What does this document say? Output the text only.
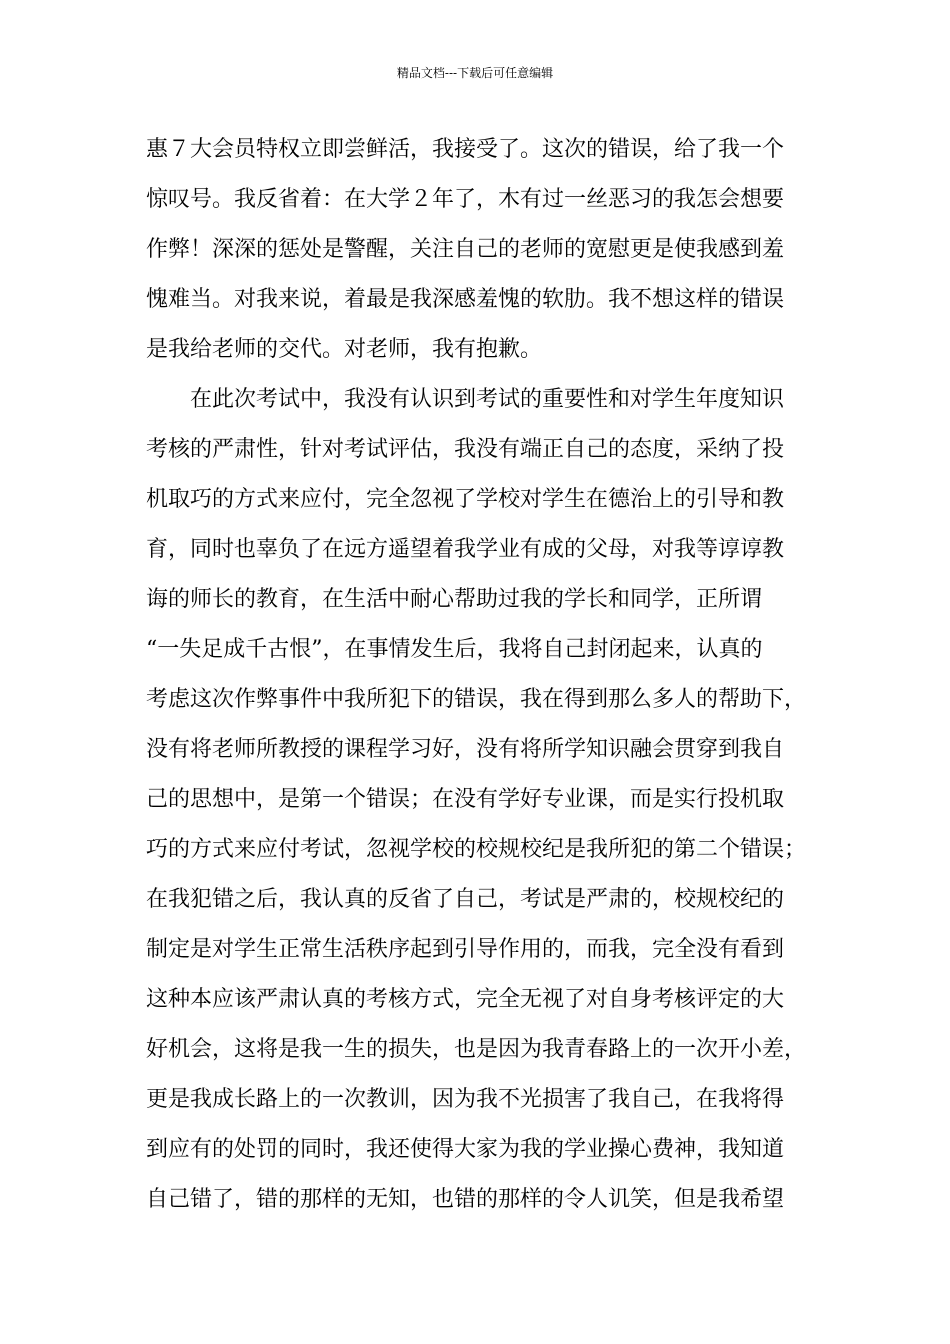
精品文档---下载后可任意编辑
惠７大会员特权立即尝鲜活，我接受了。这次的错误，给了我一个
惊叹号。我反省着：在大学２年了，木有过一丝恶习的我怎会想要
作弊！深深的惩处是警醒，关注自己的老师的宽慰更是使我感到羞
愧难当。对我来说，着最是我深感羞愧的软肋。我不想这样的错误
是我给老师的交代。对老师，我有抱歉。
在此次考试中，我没有认识到考试的重要性和对学生年度知识
考核的严肃性，针对考试评估，我没有端正自己的态度，采纳了投
机取巧的方式来应付，完全忽视了学校对学生在德治上的引导和教
育，同时也辜负了在远方遥望着我学业有成的父母，对我等谆谆教
诲的师长的教育，在生活中耐心帮助过我的学长和同学，正所谓
“一失足成千古恨”，在事情发生后，我将自己封闭起来，认真的
考虑这次作弊事件中我所犯下的错误，我在得到那么多人的帮助下，
没有将老师所教授的课程学习好，没有将所学知识融会贯穿到我自
己的思想中，是第一个错误；在没有学好专业课，而是实行投机取
巧的方式来应付考试，忽视学校的校规校纪是我所犯的第二个错误；
在我犯错之后，我认真的反省了自己，考试是严肃的，校规校纪的
制定是对学生正常生活秩序起到引导作用的，而我，完全没有看到
这种本应该严肃认真的考核方式，完全无视了对自身考核评定的大
好机会，这将是我一生的损失，也是因为我青春路上的一次开小差，
更是我成长路上的一次教训，因为我不光损害了我自己，在我将得
到应有的处罚的同时，我还使得大家为我的学业操心费神，我知道
自己错了，错的那样的无知，也错的那样的令人讥笑，但是我希望
